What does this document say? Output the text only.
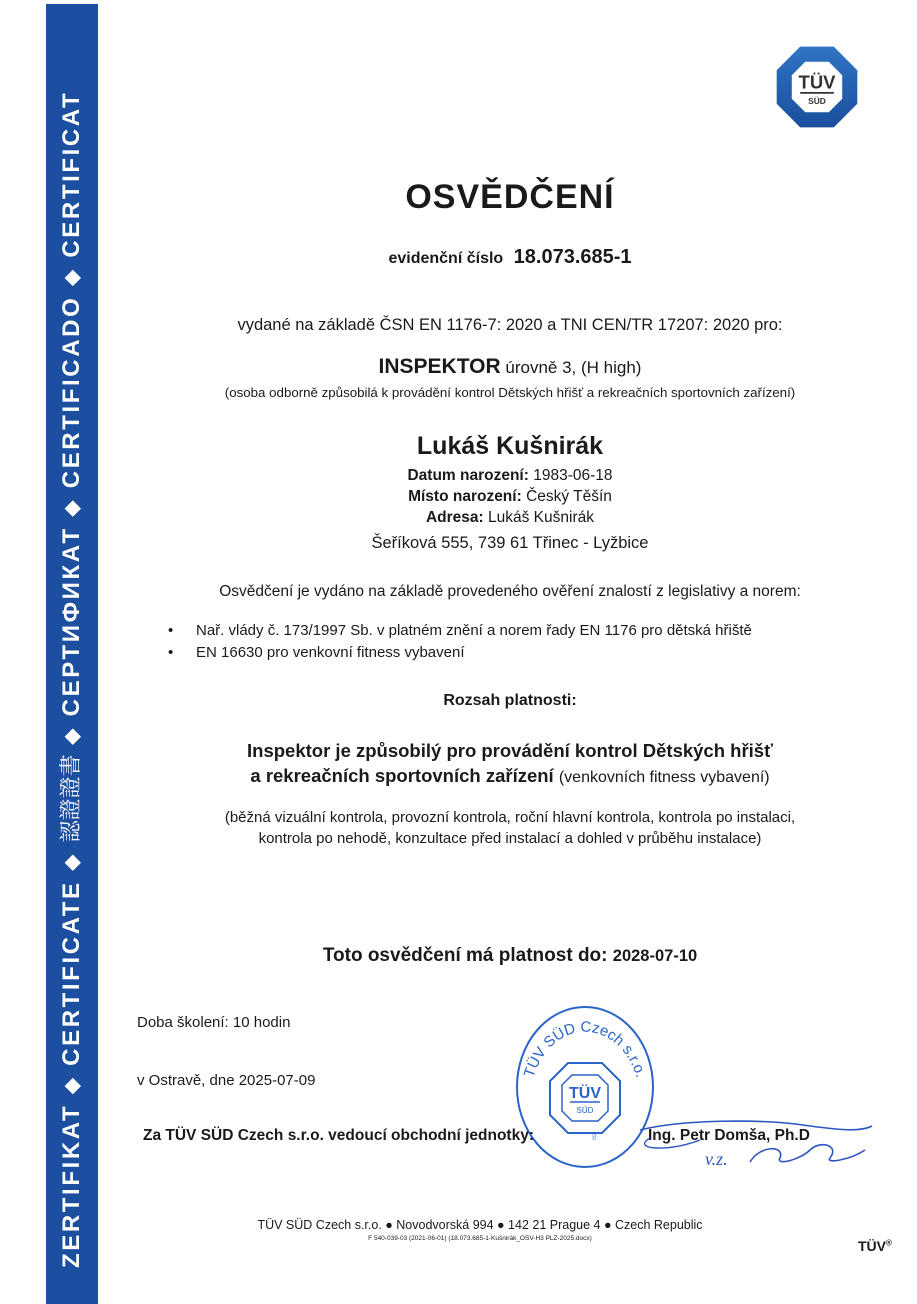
ZERTIFIKAT
◆
CERTIFICATE
◆
認證證書
◆
СЕРТИФИКАТ
◆
CERTIFICADO
◆
CERTIFICAT
TÜV
SÜD
OSVĚDČENÍ
evidenční číslo 18.073.685-1
vydané na základě ČSN EN 1176-7: 2020 a TNI CEN/TR 17207: 2020 pro:
INSPEKTOR úrovně 3, (H high)
(osoba odborně způsobilá k provádění kontrol Dětských hřišť a rekreačních sportovních zařízení)
Lukáš Kušnirák
Datum narození: 1983-06-18
Místo narození: Český Těšín
Adresa: Lukáš Kušnirák
Šeříková 555, 739 61 Třinec - Lyžbice
Osvědčení je vydáno na základě provedeného ověření znalostí z legislativy a norem:
•	Nař. vlády č. 173/1997 Sb. v platném znění a norem řady EN 1176 pro dětská hřiště
•	EN 16630 pro venkovní fitness vybavení
Rozsah platnosti:
Inspektor je způsobilý pro provádění kontrol Dětských hřišť
a rekreačních sportovních zařízení (venkovních fitness vybavení)
(běžná vizuální kontrola, provozní kontrola, roční hlavní kontrola, kontrola po instalaci,
kontrola po nehodě, konzultace před instalací a dohled v průběhu instalace)
Toto osvědčení má platnost do: 2028-07-10
Doba školení: 10 hodin
v Ostravě, dne 2025-07-09	TÜV SÜD Czech s.r.o.
TÜV
SÜD
8
Za TÜV SÜD Czech s.r.o. vedoucí obchodní jednotky:	Ing. Petr Domša, Ph.D
v.z.
TÜV SÜD Czech s.r.o. ● Novodvorská 994 ● 142 21 Prague 4 ● Czech Republic
F 540-039-03 (2021-06-01) (18.073.685-1-Kušnirák_OSV-H3 PLZ-2025.docx)	TÜV®
